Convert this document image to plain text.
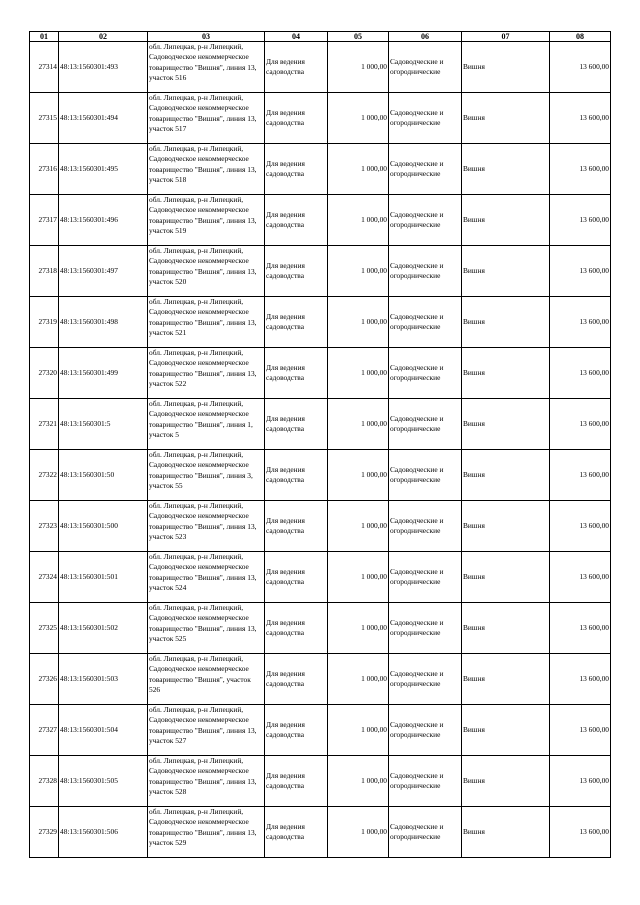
01	02	03	04	05	06	07	08
27314	48:13:1560301:493	обл. Липецкая, р-н Липецкий, Садоводческое некоммерческое товарищество "Вишня", линия 13, участок 516	Для ведения садоводства	1 000,00	Садоводческие и огороднические	Вишня	13 600,00
27315	48:13:1560301:494	обл. Липецкая, р-н Липецкий, Садоводческое некоммерческое товарищество "Вишня", линия 13, участок 517	Для ведения садоводства	1 000,00	Садоводческие и огороднические	Вишня	13 600,00
27316	48:13:1560301:495	обл. Липецкая, р-н Липецкий, Садоводческое некоммерческое товарищество "Вишня", линия 13, участок 518	Для ведения садоводства	1 000,00	Садоводческие и огороднические	Вишня	13 600,00
27317	48:13:1560301:496	обл. Липецкая, р-н Липецкий, Садоводческое некоммерческое товарищество "Вишня", линия 13, участок 519	Для ведения садоводства	1 000,00	Садоводческие и огороднические	Вишня	13 600,00
27318	48:13:1560301:497	обл. Липецкая, р-н Липецкий, Садоводческое некоммерческое товарищество "Вишня", линия 13, участок 520	Для ведения садоводства	1 000,00	Садоводческие и огороднические	Вишня	13 600,00
27319	48:13:1560301:498	обл. Липецкая, р-н Липецкий, Садоводческое некоммерческое товарищество "Вишня", линия 13, участок 521	Для ведения садоводства	1 000,00	Садоводческие и огороднические	Вишня	13 600,00
27320	48:13:1560301:499	обл. Липецкая, р-н Липецкий, Садоводческое некоммерческое товарищество "Вишня", линия 13, участок 522	Для ведения садоводства	1 000,00	Садоводческие и огороднические	Вишня	13 600,00
27321	48:13:1560301:5	обл. Липецкая, р-н Липецкий, Садоводческое некоммерческое товарищество "Вишня", линия 1, участок 5	Для ведения садоводства	1 000,00	Садоводческие и огороднические	Вишня	13 600,00
27322	48:13:1560301:50	обл. Липецкая, р-н Липецкий, Садоводческое некоммерческое товарищество "Вишня", линия 3, участок 55	Для ведения садоводства	1 000,00	Садоводческие и огороднические	Вишня	13 600,00
27323	48:13:1560301:500	обл. Липецкая, р-н Липецкий, Садоводческое некоммерческое товарищество "Вишня", линия 13, участок 523	Для ведения садоводства	1 000,00	Садоводческие и огороднические	Вишня	13 600,00
27324	48:13:1560301:501	обл. Липецкая, р-н Липецкий, Садоводческое некоммерческое товарищество "Вишня", линия 13, участок 524	Для ведения садоводства	1 000,00	Садоводческие и огороднические	Вишня	13 600,00
27325	48:13:1560301:502	обл. Липецкая, р-н Липецкий, Садоводческое некоммерческое товарищество "Вишня", линия 13, участок 525	Для ведения садоводства	1 000,00	Садоводческие и огороднические	Вишня	13 600,00
27326	48:13:1560301:503	обл. Липецкая, р-н Липецкий, Садоводческое некоммерческое товарищество "Вишня", участок 526	Для ведения садоводства	1 000,00	Садоводческие и огороднические	Вишня	13 600,00
27327	48:13:1560301:504	обл. Липецкая, р-н Липецкий, Садоводческое некоммерческое товарищество "Вишня", линия 13, участок 527	Для ведения садоводства	1 000,00	Садоводческие и огороднические	Вишня	13 600,00
27328	48:13:1560301:505	обл. Липецкая, р-н Липецкий, Садоводческое некоммерческое товарищество "Вишня", линия 13, участок 528	Для ведения садоводства	1 000,00	Садоводческие и огороднические	Вишня	13 600,00
27329	48:13:1560301:506	обл. Липецкая, р-н Липецкий, Садоводческое некоммерческое товарищество "Вишня", линия 13, участок 529	Для ведения садоводства	1 000,00	Садоводческие и огороднические	Вишня	13 600,00
